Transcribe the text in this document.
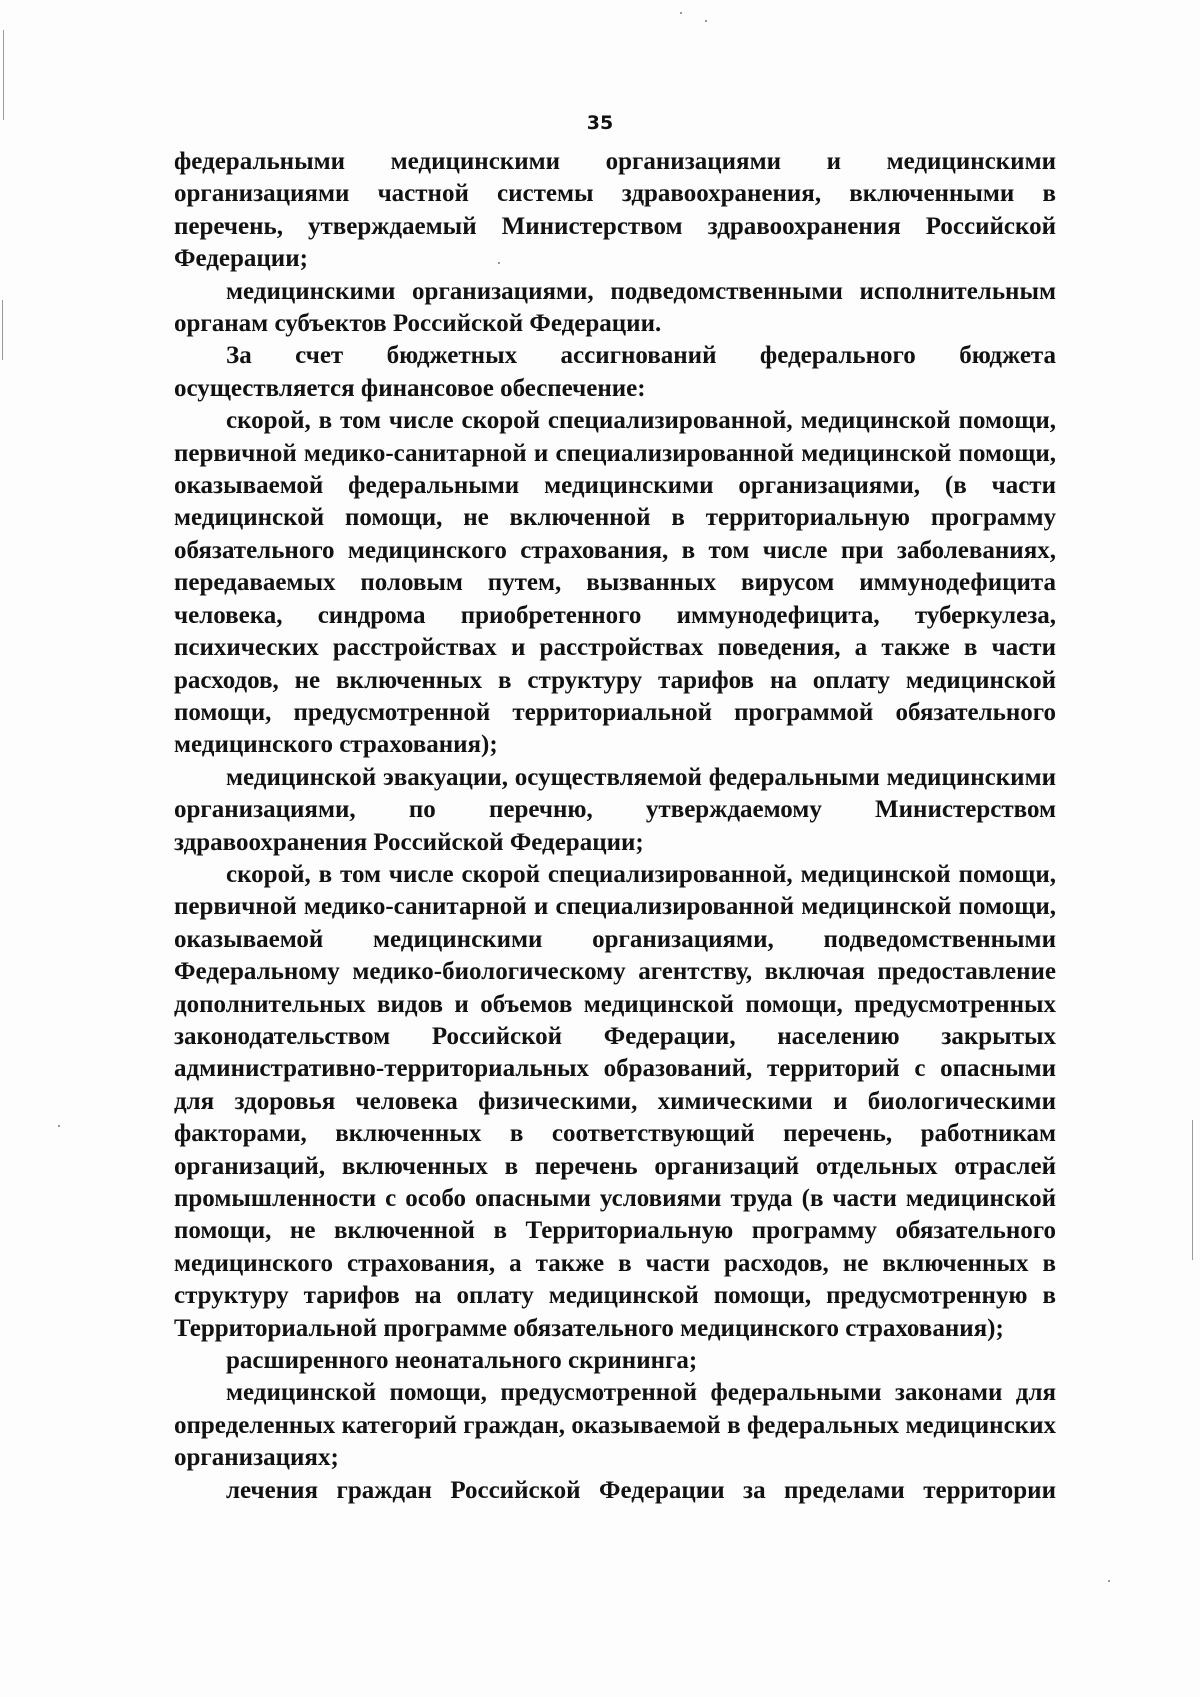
35

федеральными медицинскими организациями и медицинскими организациями частной системы здравоохранения, включенными в перечень, утверждаемый Министерством здравоохранения Российской Федерации;

медицинскими организациями, подведомственными исполнительным органам субъектов Российской Федерации.

За счет бюджетных ассигнований федерального бюджета осуществляется финансовое обеспечение:

скорой, в том числе скорой специализированной, медицинской помощи, первичной медико-санитарной и специализированной медицинской помощи, оказываемой федеральными медицинскими организациями, (в части медицинской помощи, не включенной в территориальную программу обязательного медицинского страхования, в том числе при заболеваниях, передаваемых половым путем, вызванных вирусом иммунодефицита человека, синдрома приобретенного иммунодефицита, туберкулеза, психических расстройствах и расстройствах поведения, а также в части расходов, не включенных в структуру тарифов на оплату медицинской помощи, предусмотренной территориальной программой обязательного медицинского страхования);

медицинской эвакуации, осуществляемой федеральными медицинскими организациями, по перечню, утверждаемому Министерством здравоохранения Российской Федерации;

скорой, в том числе скорой специализированной, медицинской помощи, первичной медико-санитарной и специализированной медицинской помощи, оказываемой медицинскими организациями, подведомственными Федеральному медико-биологическому агентству, включая предоставление дополнительных видов и объемов медицинской помощи, предусмотренных законодательством Российской Федерации, населению закрытых административно-территориальных образований, территорий с опасными для здоровья человека физическими, химическими и биологическими факторами, включенных в соответствующий перечень, работникам организаций, включенных в перечень организаций отдельных отраслей промышленности с особо опасными условиями труда (в части медицинской помощи, не включенной в Территориальную программу обязательного медицинского страхования, а также в части расходов, не включенных в структуру тарифов на оплату медицинской помощи, предусмотренную в Территориальной программе обязательного медицинского страхования);

расширенного неонатального скрининга;

медицинской помощи, предусмотренной федеральными законами для определенных категорий граждан, оказываемой в федеральных медицинских организациях;

лечения граждан Российской Федерации за пределами территории
